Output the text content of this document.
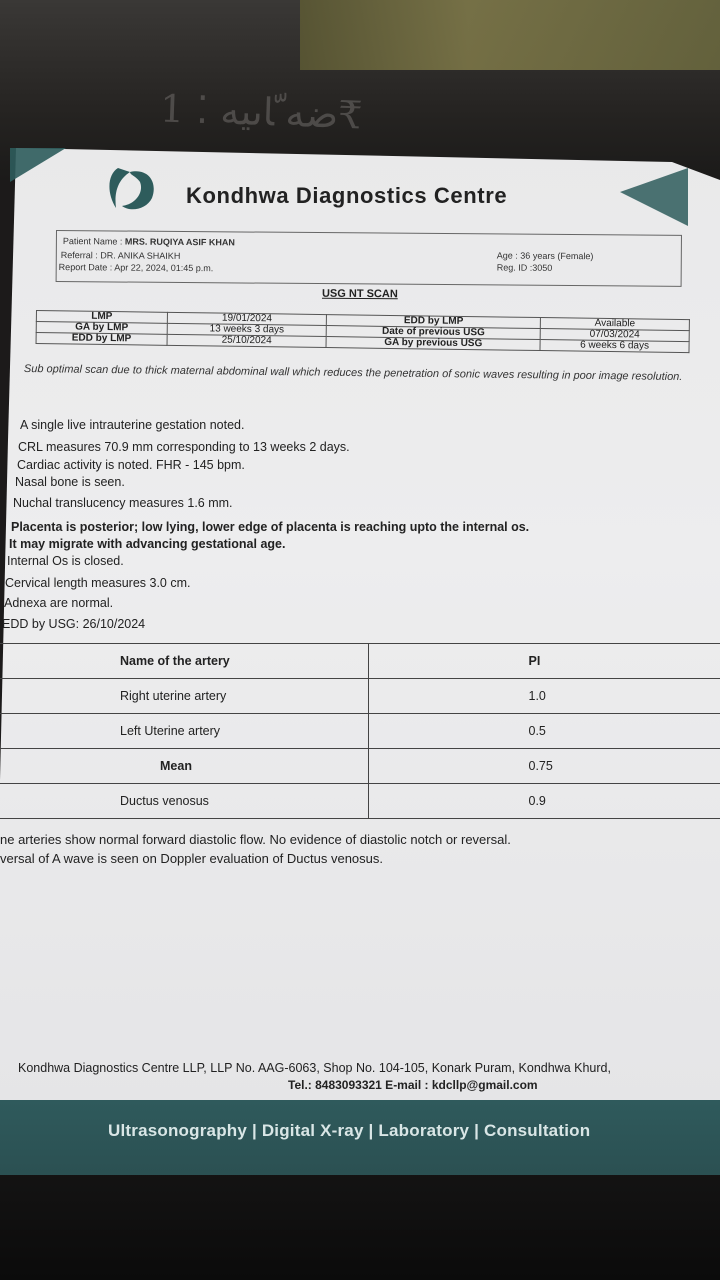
ﺿﻪﹼﺎﯨﻴﻪ ⁚ 1₹
Kondhwa Diagnostics Centre
Patient Name : MRS. RUQIYA ASIF KHAN
Referral : DR. ANIKA SHAIKH
Report Date : Apr 22, 2024, 01:45 p.m.
Age : 36 years (Female)
Reg. ID :3050
USG NT SCAN
LMP	19/01/2024	EDD by LMP	Available
GA by LMP	13 weeks 3 days	Date of previous USG	07/03/2024
EDD by LMP	25/10/2024	GA by previous USG	6 weeks 6 days
Sub optimal scan due to thick maternal abdominal wall which reduces the penetration of sonic waves resulting in poor image resolution.
A single live intrauterine gestation noted.
CRL measures 70.9 mm corresponding to 13 weeks 2 days.
Cardiac activity is noted. FHR - 145 bpm.
Nasal bone is seen.
Nuchal translucency measures 1.6 mm.
Placenta is posterior; low lying, lower edge of placenta is reaching upto the internal os.
It may migrate with advancing gestational age.
Internal Os is closed.
Cervical length measures 3.0 cm.
Adnexa are normal.
EDD by USG: 26/10/2024
Name of the artery	PI
Right uterine artery	1.0
Left Uterine artery	0.5
Mean	0.75
Ductus venosus	0.9
ne arteries show normal forward diastolic flow. No evidence of diastolic notch or reversal.
versal of A wave is seen on Doppler evaluation of Ductus venosus.
Kondhwa Diagnostics Centre LLP, LLP No. AAG-6063, Shop No. 104-105, Konark Puram, Kondhwa Khurd,
Tel.: 8483093321 E-mail : kdcllp@gmail.com
Ultrasonography | Digital X-ray | Laboratory | Consultation
